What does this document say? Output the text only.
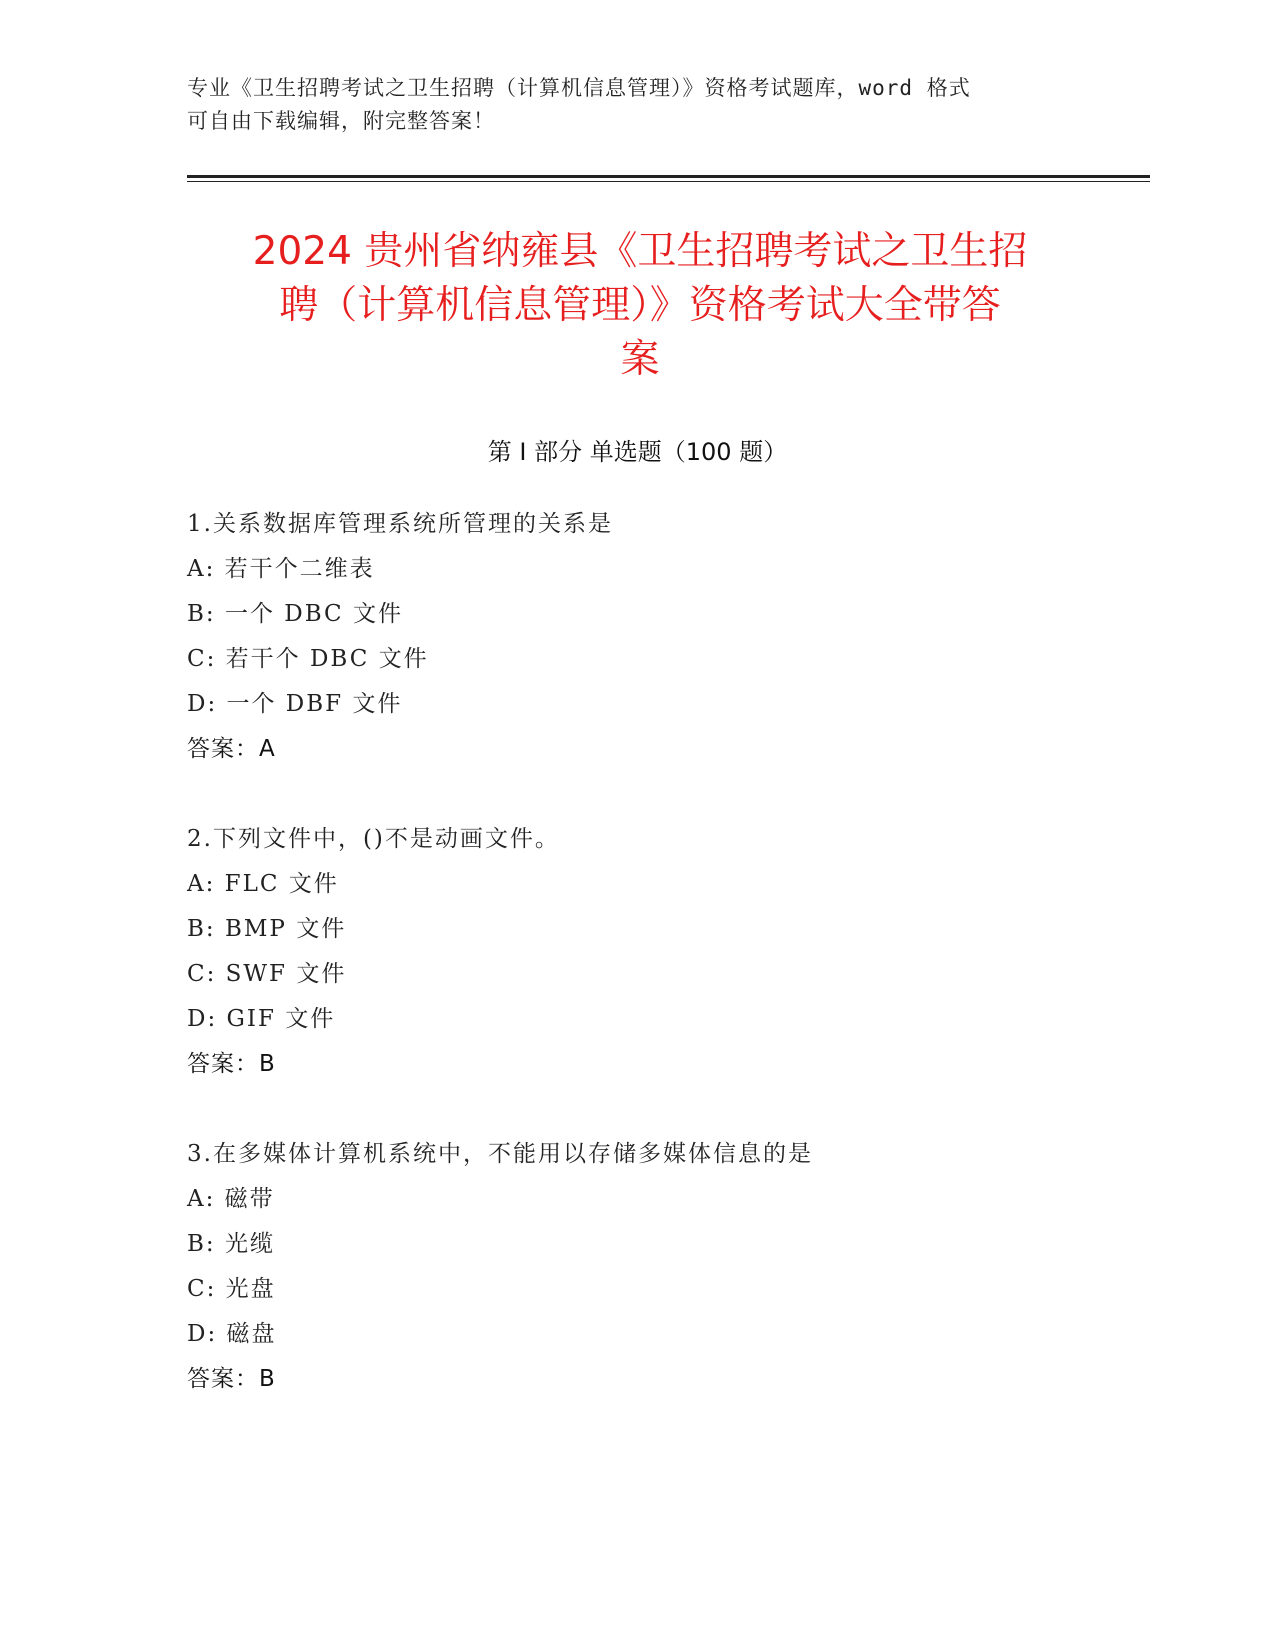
专业《卫生招聘考试之卫生招聘（计算机信息管理）》资格考试题库，word 格式
可自由下载编辑，附完整答案！
2024 贵州省纳雍县《卫生招聘考试之卫生招
聘（计算机信息管理）》资格考试大全带答
案
第 I 部分 单选题（100 题）
1.关系数据库管理系统所管理的关系是
A: 若干个二维表
B: 一个 DBC 文件
C: 若干个 DBC 文件
D: 一个 DBF 文件
答案：A
2.下列文件中，()不是动画文件。
A: FLC 文件
B: BMP 文件
C: SWF 文件
D: GIF 文件
答案：B
3.在多媒体计算机系统中，不能用以存储多媒体信息的是
A: 磁带
B: 光缆
C: 光盘
D: 磁盘
答案：B
